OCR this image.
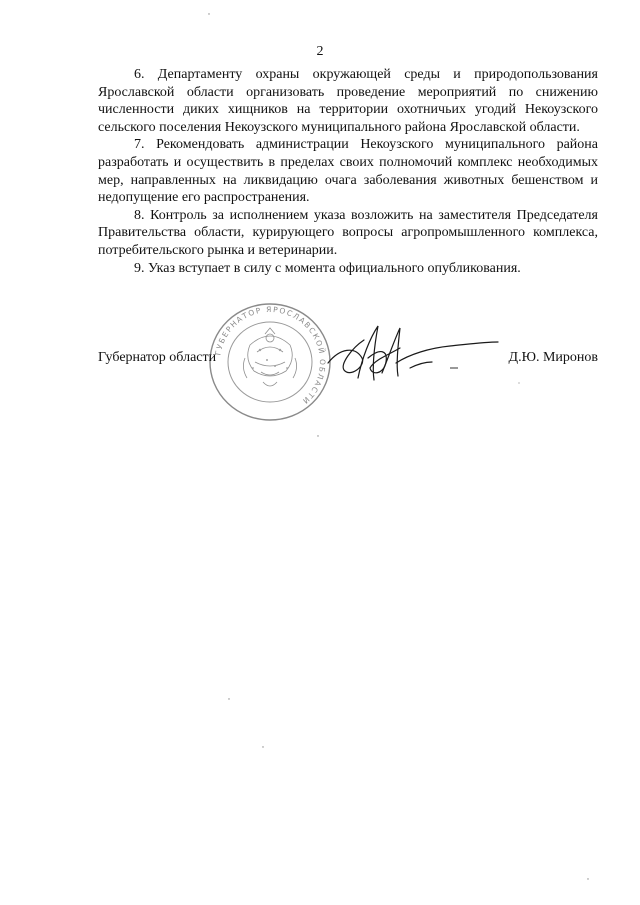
2

6. Департаменту охраны окружающей среды и природопользования Ярославской области организовать проведение мероприятий по снижению численности диких хищников на территории охотничьих угодий Некоузского сельского поселения Некоузского муниципального района Ярославской области.

7. Рекомендовать администрации Некоузского муниципального района разработать и осуществить в пределах своих полномочий комплекс необходимых мер, направленных на ликвидацию очага заболевания животных бешенством и недопущение его распространения.

8. Контроль за исполнением указа возложить на заместителя Председателя Правительства области, курирующего вопросы агропромышленного комплекса, потребительского рынка и ветеринарии.

9. Указ вступает в силу с момента официального опубликования.

ГУБЕРНАТОР ЯРОСЛАВСКОЙ ОБЛАСТИ
Губернатор области	Д.Ю. Миронов
